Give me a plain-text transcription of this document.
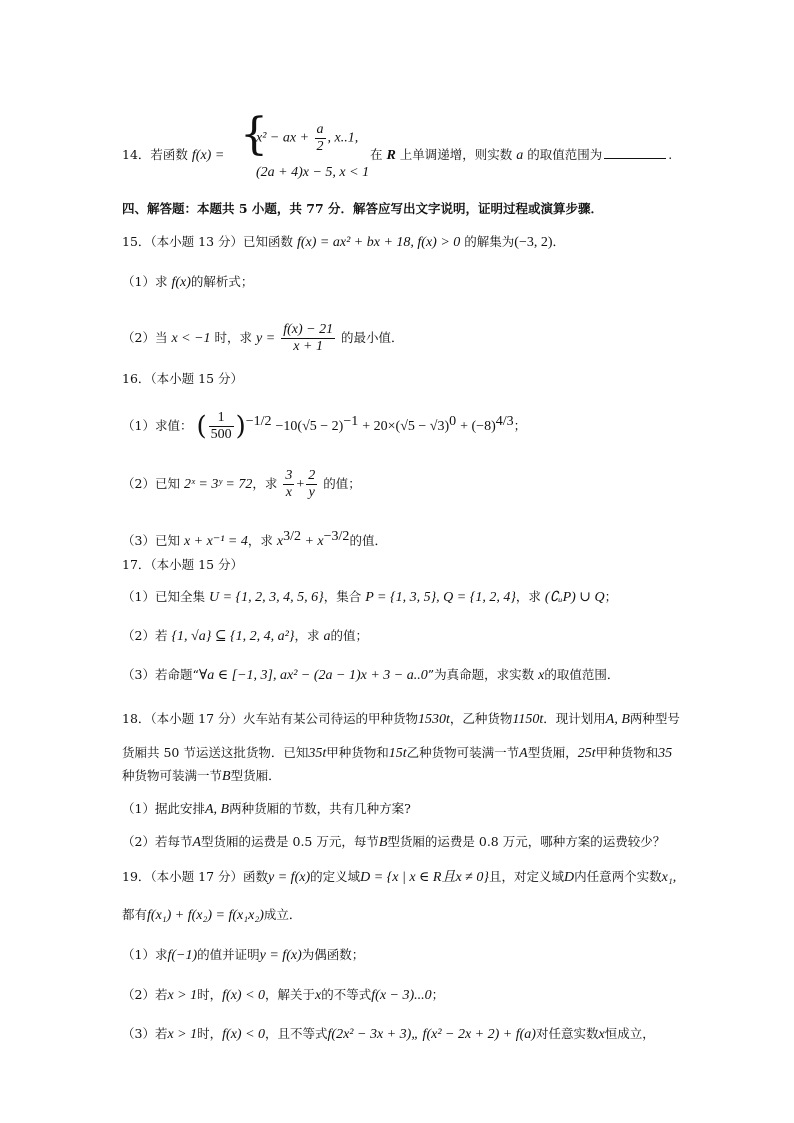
14．若函数 f(x) = {
x² − ax + $\frac{a}{2}$ , x..1,
(2a + 4)x − 5, x < 1
在 R 上单调递增，则实数 a 的取值范围为	.
四、解答题：本题共 5 小题，共 77 分．解答应写出文字说明，证明过程或演算步骤．
15．（本小题 13 分）已知函数 f(x) = ax² + bx + 18, f(x) > 0 的解集为(−3, 2)．
（1）求 f(x)的解析式；
（2）当 x < −1 时，求 $y = \frac{f(x) - 21}{x + 1}$ 的最小值．
16．（本小题 15 分）
（1）求值： ( $\frac{1}{500} )^{-1/2} -10(√5 - 2)^{-1} + 20\times(√5 - √3)^0 + (-8)^{4/3}$；
（2）已知 2ˣ = 3ʸ = 72，求 $\frac{3}{x} + \frac{2}{y}$ 的值；
（3）已知 x + x⁻¹ = 4，求 $x^{3/2} + x^{-3/2}$的值．
17．（本小题 15 分）
（1）已知全集 U = {1, 2, 3, 4, 5, 6}，集合 P = {1, 3, 5}, Q = {1, 2, 4}，求 (∁ᵤP) ∪ Q；
（2）若 {1, √a} ⊆ {1, 2, 4, a²}，求 a的值；
（3）若命题“∀a ∈ [−1, 3], ax² − (2a − 1)x + 3 − a..0”为真命题，求实数 x的取值范围．
18．（本小题 17 分）火车站有某公司待运的甲种货物1530t，乙种货物1150t．现计划用A, B两种型号
货厢共 50 节运送这批货物．已知35t甲种货物和15t乙种货物可装满一节A型货厢，25t甲种货物和35
种货物可装满一节B型货厢．
（1）据此安排A, B两种货厢的节数，共有几种方案?
（2）若每节A型货厢的运费是 0.5 万元，每节B型货厢的运费是 0.8 万元，哪种方案的运费较少？
19．（本小题 17 分）函数y = f(x)的定义域D = {x | x ∈ R且x ≠ 0}且，对定义域D内任意两个实数x₁,
都有f(x₁) + f(x₂) = f(x₁x₂)成立．
（1）求f(−1)的值并证明y = f(x)为偶函数；
（2）若x > 1时，f(x) < 0，解关于x的不等式f(x − 3)...0；
（3）若x > 1时，f(x) < 0，且不等式f(2x² − 3x + 3)„ f(x² − 2x + 2) + f(a)对任意实数x恒成立，
